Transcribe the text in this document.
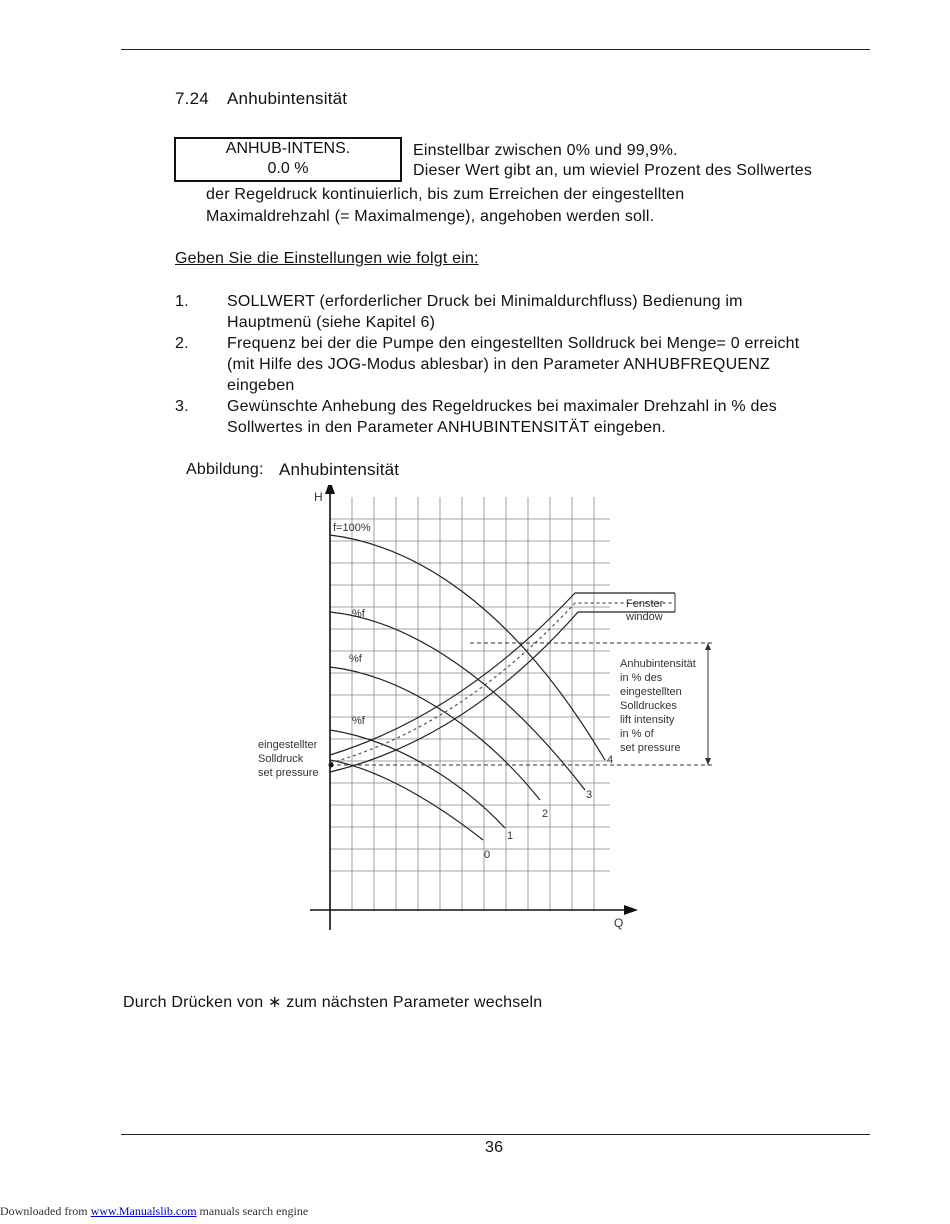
7.24 Anhubintensität
ANHUB-INTENS.
0.0 %
Einstellbar zwischen 0% und 99,9%.
Dieser Wert gibt an, um wieviel Prozent des Sollwertes
der Regeldruck kontinuierlich, bis zum Erreichen der eingestellten
Maximaldrehzahl (= Maximalmenge), angehoben werden soll.
Geben Sie die Einstellungen wie folgt ein:
1. SOLLWERT (erforderlicher Druck bei Minimaldurchfluss) Bedienung im
Hauptmenü (siehe Kapitel 6)
2. Frequenz bei der die Pumpe den eingestellten Solldruck bei Menge= 0 erreicht
(mit Hilfe des JOG-Modus ablesbar) in den Parameter ANHUBFREQUENZ
eingeben
3. Gewünschte Anhebung des Regeldruckes bei maximaler Drehzahl in % des
Sollwertes in den Parameter ANHUBINTENSITÄT eingeben.
Abbildung: Anhubintensität
H
Q
f=100%
%f
%f
%f
0
1
2
3
4
eingestellter
Solldruck
set pressure
Fenster
window
Anhubintensität
in % des
eingestellten
Solldruckes
lift intensity
in % of
set pressure
Durch Drücken von ∗ zum nächsten Parameter wechseln
36
Downloaded from www.Manualslib.com manuals search engine
